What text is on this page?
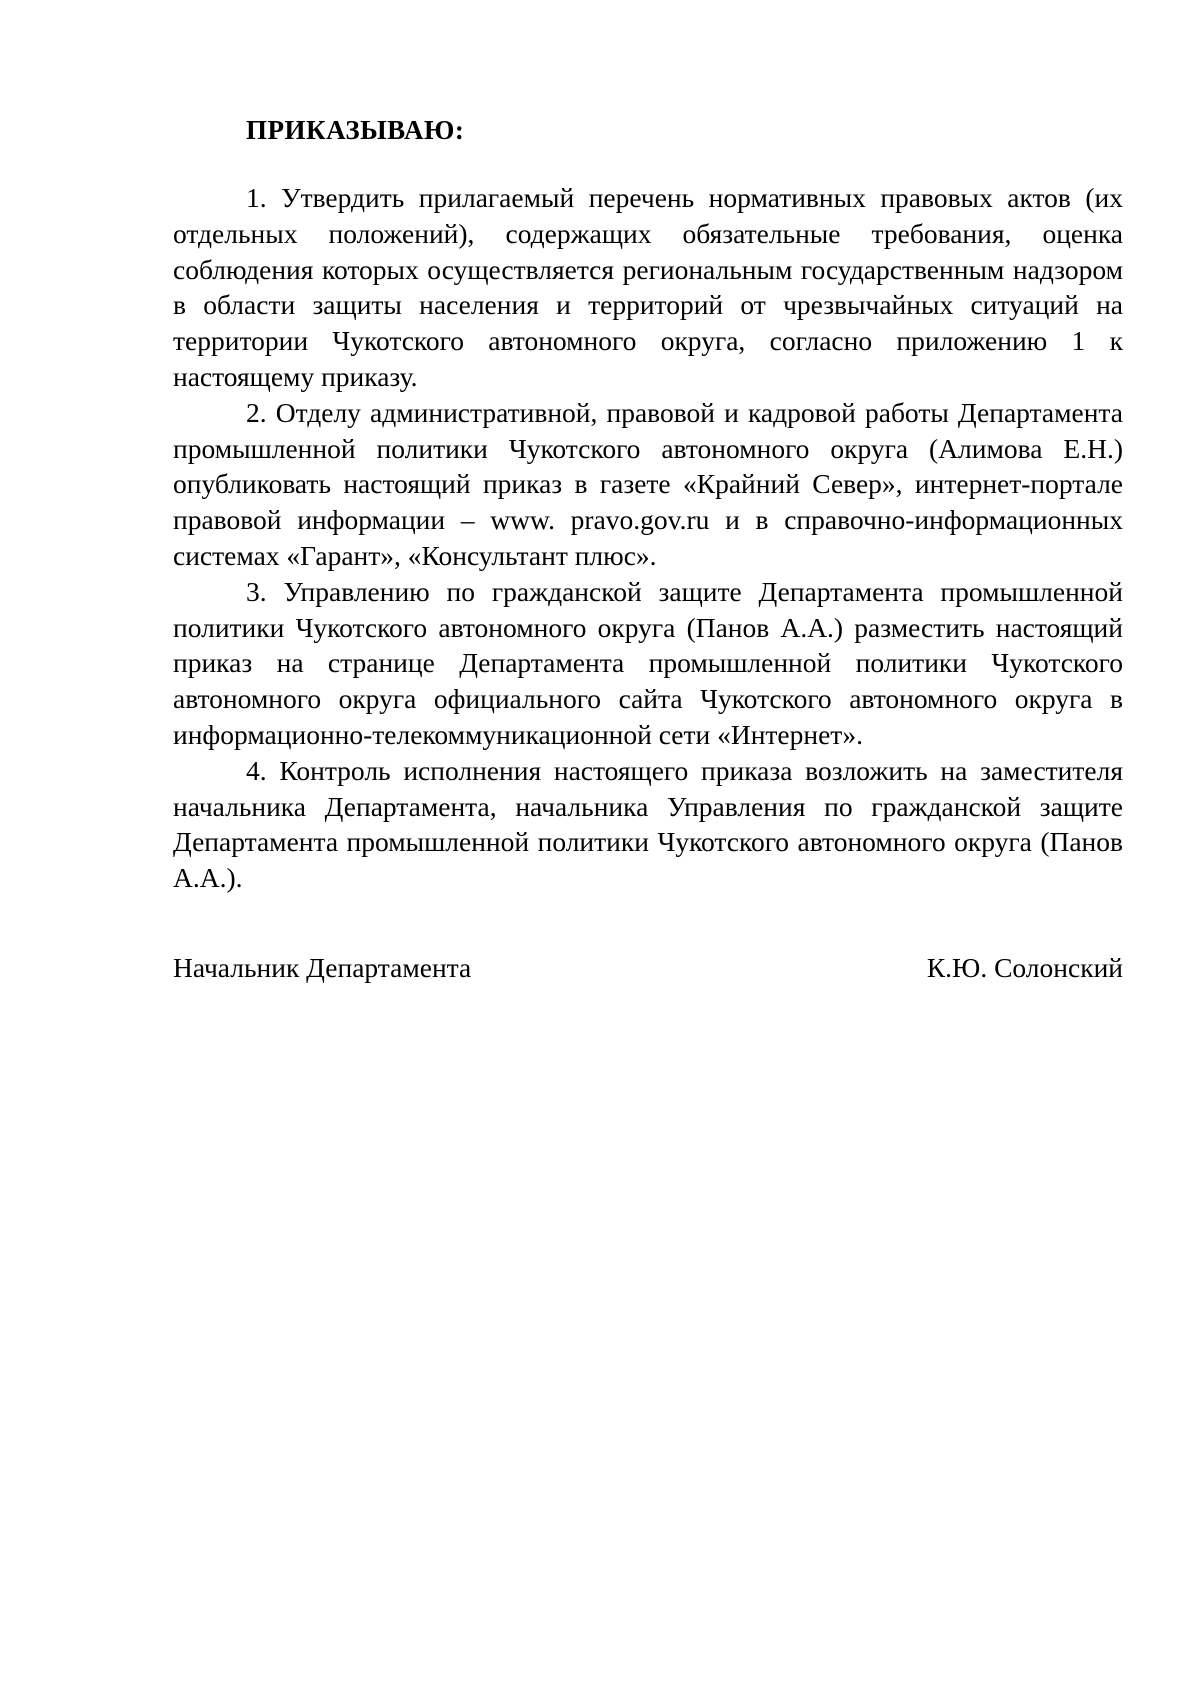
ПРИКАЗЫВАЮ:

1. Утвердить прилагаемый перечень нормативных правовых актов (их отдельных положений), содержащих обязательные требования, оценка соблюдения которых осуществляется региональным государственным надзором в области защиты населения и территорий от чрезвычайных ситуаций на территории Чукотского автономного округа, согласно приложению 1 к настоящему приказу.

2. Отделу административной, правовой и кадровой работы Департамента промышленной политики Чукотского автономного округа (Алимова Е.Н.) опубликовать настоящий приказ в газете «Крайний Север», интернет-портале правовой информации – www. pravo.gov.ru и в справочно-информационных системах «Гарант», «Консультант плюс».

3. Управлению по гражданской защите Департамента промышленной политики Чукотского автономного округа (Панов А.А.) разместить настоящий приказ на странице Департамента промышленной политики Чукотского автономного округа официального сайта Чукотского автономного округа в информационно-телекоммуникационной сети «Интернет».

4. Контроль исполнения настоящего приказа возложить на заместителя начальника Департамента, начальника Управления по гражданской защите Департамента промышленной политики Чукотского автономного округа (Панов А.А.).

Начальник Департамента	К.Ю. Солонский
